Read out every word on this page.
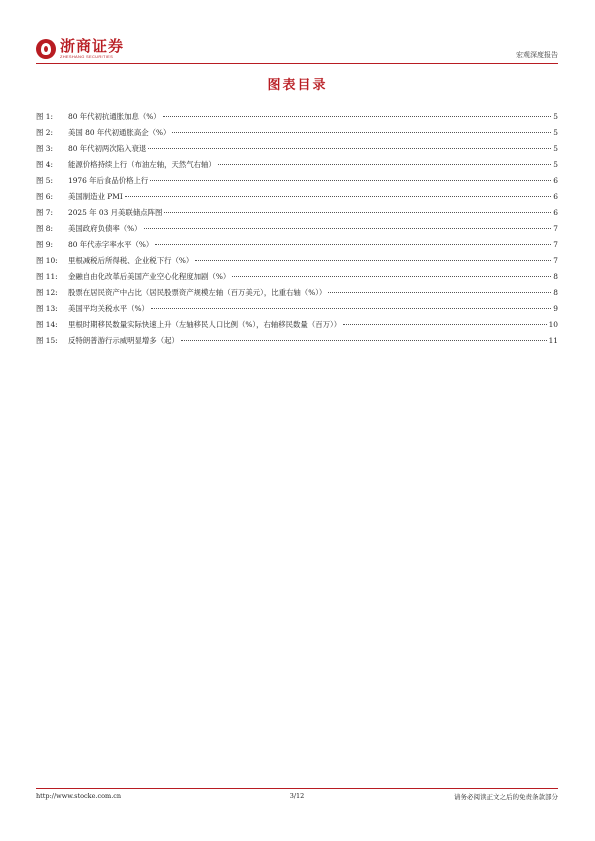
浙商证券
ZHESHANG SECURITIES	宏观深度报告
图表目录
图 1:	80 年代初抗通胀加息（%）	5
图 2:	美国 80 年代初通胀高企（%）	5
图 3:	80 年代初两次陷入衰退	5
图 4:	能源价格持续上行（布油左轴，天然气右轴）	5
图 5:	1976 年后食品价格上行	6
图 6:	美国制造业 PMI	6
图 7:	2025 年 03 月美联储点阵图	6
图 8:	美国政府负债率（%）	7
图 9:	80 年代赤字率水平（%）	7
图 10:	里根减税后所得税、企业税下行（%）	7
图 11:	金融自由化改革后美国产业空心化程度加剧（%）	8
图 12:	股票在居民资产中占比（居民股票资产规模左轴（百万美元），比重右轴（%））	8
图 13:	美国平均关税水平（%）	9
图 14:	里根时期移民数量实际快速上升（左轴移民人口比例（%），右轴移民数量（百万））	10
图 15:	反特朗普游行示威明显增多（起）	11
http://www.stocke.com.cn	3/12	请务必阅读正文之后的免责条款部分
